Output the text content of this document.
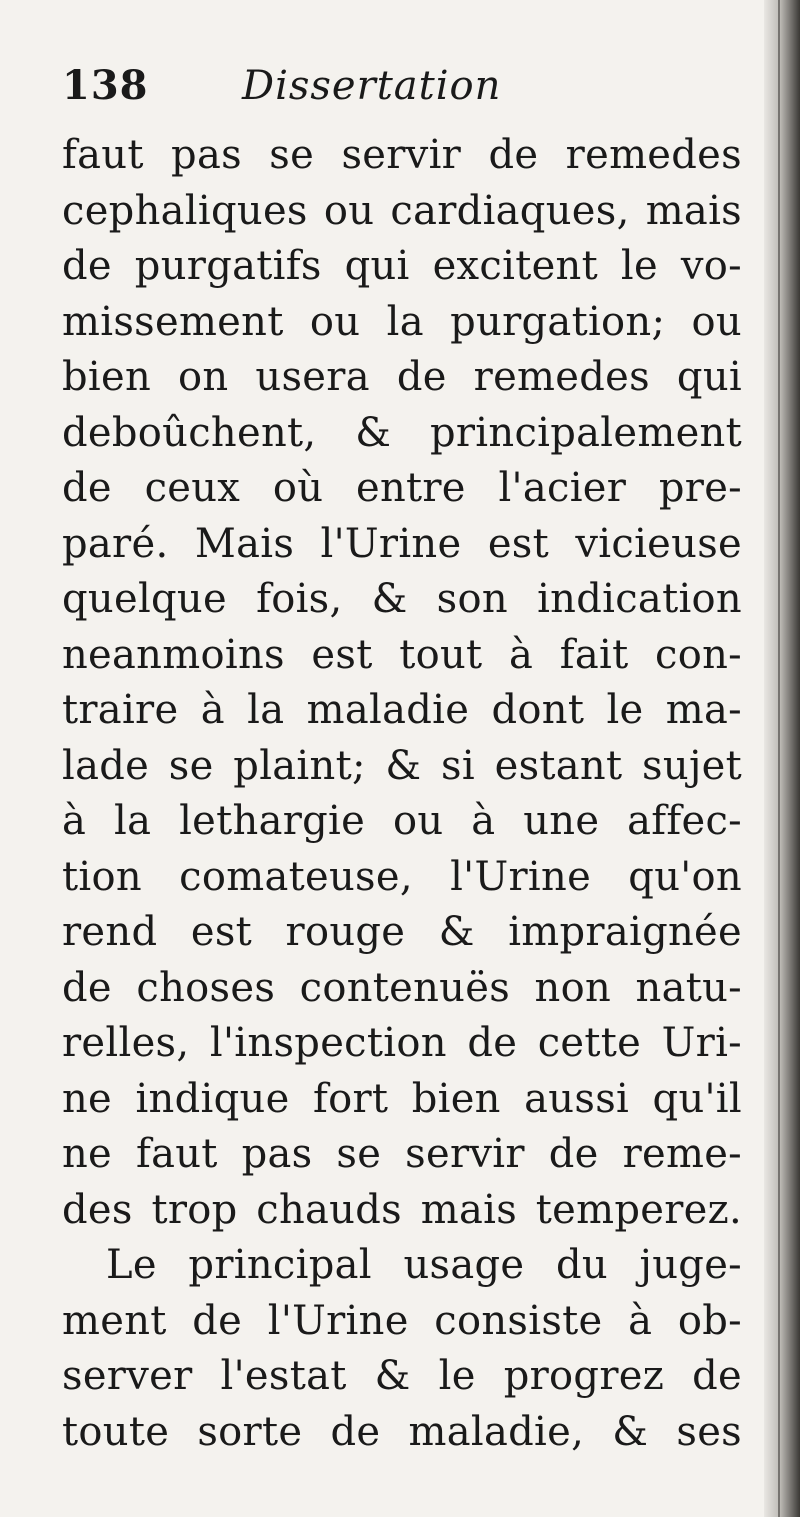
138	Dissertation
faut pas se servir de remedes
cephaliques ou cardiaques, mais
de purgatifs qui excitent le vo-
missement ou la purgation; ou
bien on usera de remedes qui
deboûchent, & principalement
de ceux où entre l'acier pre-
paré. Mais l'Urine est vicieuse
quelque fois, & son indication
neanmoins est tout à fait con-
traire à la maladie dont le ma-
lade se plaint; & si estant sujet
à la lethargie ou à une affec-
tion comateuse, l'Urine qu'on
rend est rouge & impraignée
de choses contenuës non natu-
relles, l'inspection de cette Uri-
ne indique fort bien aussi qu'il
ne faut pas se servir de reme-
des trop chauds mais temperez.
Le principal usage du juge-
ment de l'Urine consiste à ob-
server l'estat & le progrez de
toute sorte de maladie, & ses
